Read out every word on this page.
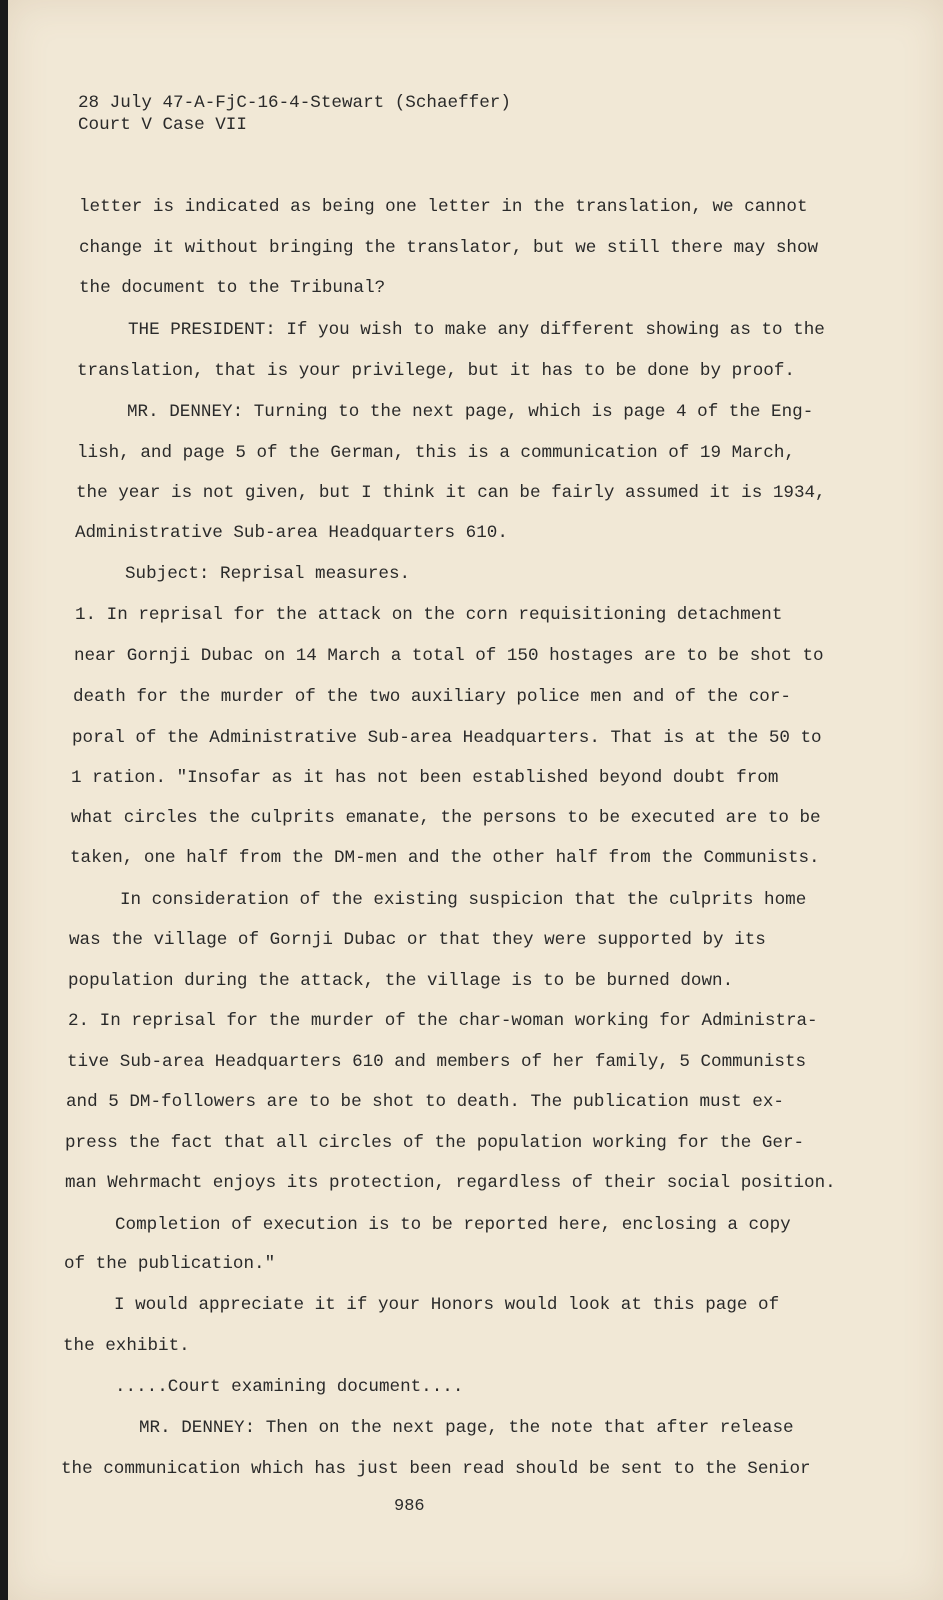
28 July 47-A-FjC-16-4-Stewart (Schaeffer)
Court V Case VII
letter is indicated as being one letter in the translation, we cannot
change it without bringing the translator, but we still there may show
the document to the Tribunal?
THE PRESIDENT: If you wish to make any different showing as to the
translation, that is your privilege, but it has to be done by proof.
MR. DENNEY: Turning to the next page, which is page 4 of the Eng-
lish, and page 5 of the German, this is a communication of 19 March,
the year is not given, but I think it can be fairly assumed it is 1934,
Administrative Sub-area Headquarters 610.
Subject: Reprisal measures.
1. In reprisal for the attack on the corn requisitioning detachment
near Gornji Dubac on 14 March a total of 150 hostages are to be shot to
death for the murder of the two auxiliary police men and of the cor-
poral of the Administrative Sub-area Headquarters. That is at the 50 to
1 ration. "Insofar as it has not been established beyond doubt from
what circles the culprits emanate, the persons to be executed are to be
taken, one half from the DM-men and the other half from the Communists.
In consideration of the existing suspicion that the culprits home
was the village of Gornji Dubac or that they were supported by its
population during the attack, the village is to be burned down.
2. In reprisal for the murder of the char-woman working for Administra-
tive Sub-area Headquarters 610 and members of her family, 5 Communists
and 5 DM-followers are to be shot to death. The publication must ex-
press the fact that all circles of the population working for the Ger-
man Wehrmacht enjoys its protection, regardless of their social position.
Completion of execution is to be reported here, enclosing a copy
of the publication."
I would appreciate it if your Honors would look at this page of
the exhibit.
.....Court examining document....
MR. DENNEY: Then on the next page, the note that after release
the communication which has just been read should be sent to the Senior
986
